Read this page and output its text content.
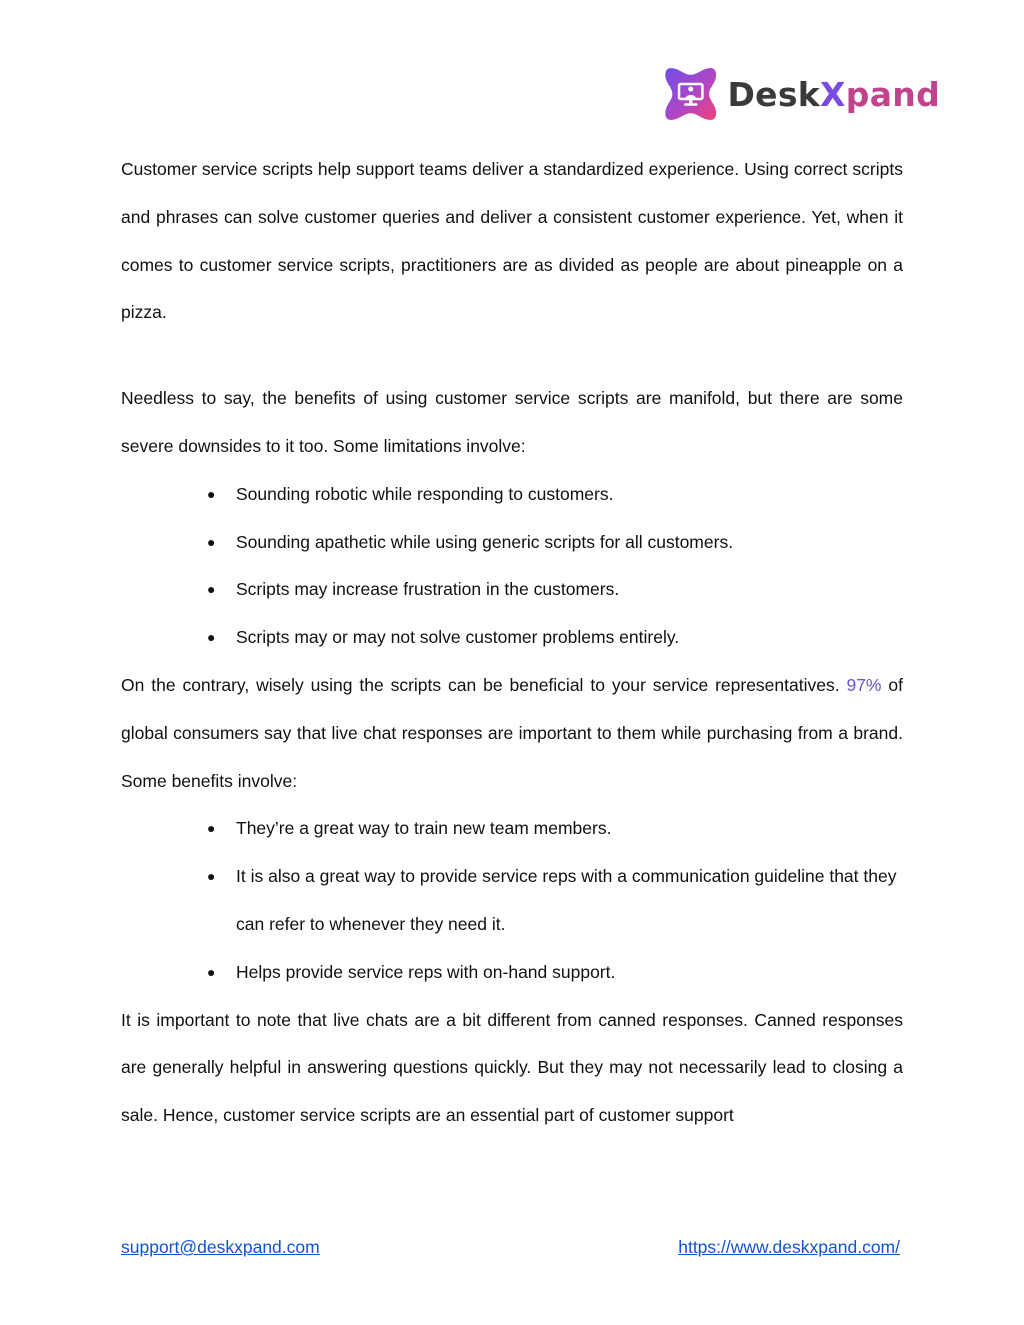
DeskXpand

Customer service scripts help support teams deliver a standardized experience. Using correct scripts and phrases can solve customer queries and deliver a consistent customer experience. Yet, when it comes to customer service scripts, practitioners are as divided as people are about pineapple on a pizza.

Needless to say, the benefits of using customer service scripts are manifold, but there are some severe downsides to it too. Some limitations involve:

● Sounding robotic while responding to customers.
● Sounding apathetic while using generic scripts for all customers.
● Scripts may increase frustration in the customers.
● Scripts may or may not solve customer problems entirely.

On the contrary, wisely using the scripts can be beneficial to your service representatives. 97% of global consumers say that live chat responses are important to them while purchasing from a brand. Some benefits involve:

● They’re a great way to train new team members.
● It is also a great way to provide service reps with a communication guideline that they can refer to whenever they need it.
● Helps provide service reps with on-hand support.

It is important to note that live chats are a bit different from canned responses. Canned responses are generally helpful in answering questions quickly. But they may not necessarily lead to closing a sale. Hence, customer service scripts are an essential part of customer support

support@deskxpand.com	https://www.deskxpand.com/
